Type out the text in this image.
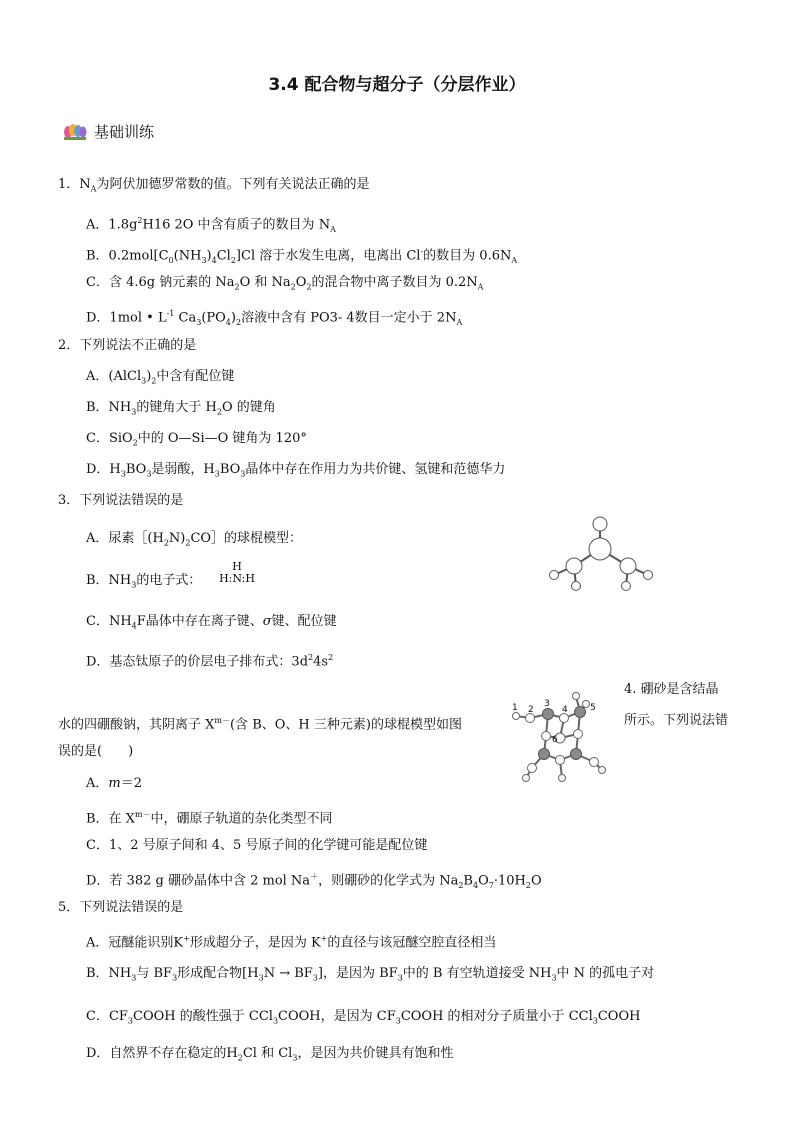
3.4 配合物与超分子（分层作业）
基础训练
1．$N_A$为阿伏加德罗常数的值。下列有关说法正确的是
A．$1.8g^2H16$ 2O 中含有质子的数目为 $N_A$
B．$0.2mol[C_0(NH_3)_4Cl_2]Cl$ 溶于水发生电离，电离出 Cl-的数目为 $0.6N_A$
C．含 4.6g 钠元素的 $Na_2O$ 和 $Na_2O_2$的混合物中离子数目为 $0.2N_A$
D．1mol • $L^{-1}$ $Ca_3(PO_4)_2$溶液中含有 PO3- 4数目一定小于 $2N_A$
2．下列说法不正确的是
A．$(AlCl_3)_2$中含有配位键
B．$NH_3$的键角大于 $H_2O$ 的键角
C．SiO$_2$中的 O—Si—O 键角为 120°
D．$H_3BO_3$是弱酸，$H_3BO_3$晶体中存在作用力为共价键、氢键和范德华力
3．下列说法错误的是
A．尿素$[(H_2N)_2CO]$的球棍模型：
B．$NH_3$的电子式：
H
H:N:H
C．$NH_4F$晶体中存在离子键、σ键、配位键
D．基态钛原子的价层电子排布式：$3d^24s^2$
4. 硼砂是含结晶
水的四硼酸钠，其阴离子 $X^{m-}$(含 B、O、H 三种元素)的球棍模型如图	所示。下列说法错
误的是(　　)
1 2
3
4 5
6
A．m＝2
B．在 $X^{m-}$中，硼原子轨道的杂化类型不同
C．1、2 号原子间和 4、5 号原子间的化学键可能是配位键
D．若 382 g 硼砂晶体中含 2 mol Na＋，则硼砂的化学式为 $Na_2B_4O_7\cdot 10H_2O$
5．下列说法错误的是
A．冠醚能识别K+形成超分子，是因为 K+的直径与该冠醚空腔直径相当
B．$NH_3$与 $BF_3$形成配合物$[H_3N \to BF_3]$，是因为 $BF_3$中的 B 有空轨道接受 $NH_3$中 N 的孤电子对
C．$CF_3COOH$ 的酸性强于 CCl$_3$COOH，是因为 $CF_3COOH$ 的相对分子质量小于 CCl$_3$COOH
D．自然界不存在稳定的$H_2Cl$ 和 $Cl_3$，是因为共价键具有饱和性
